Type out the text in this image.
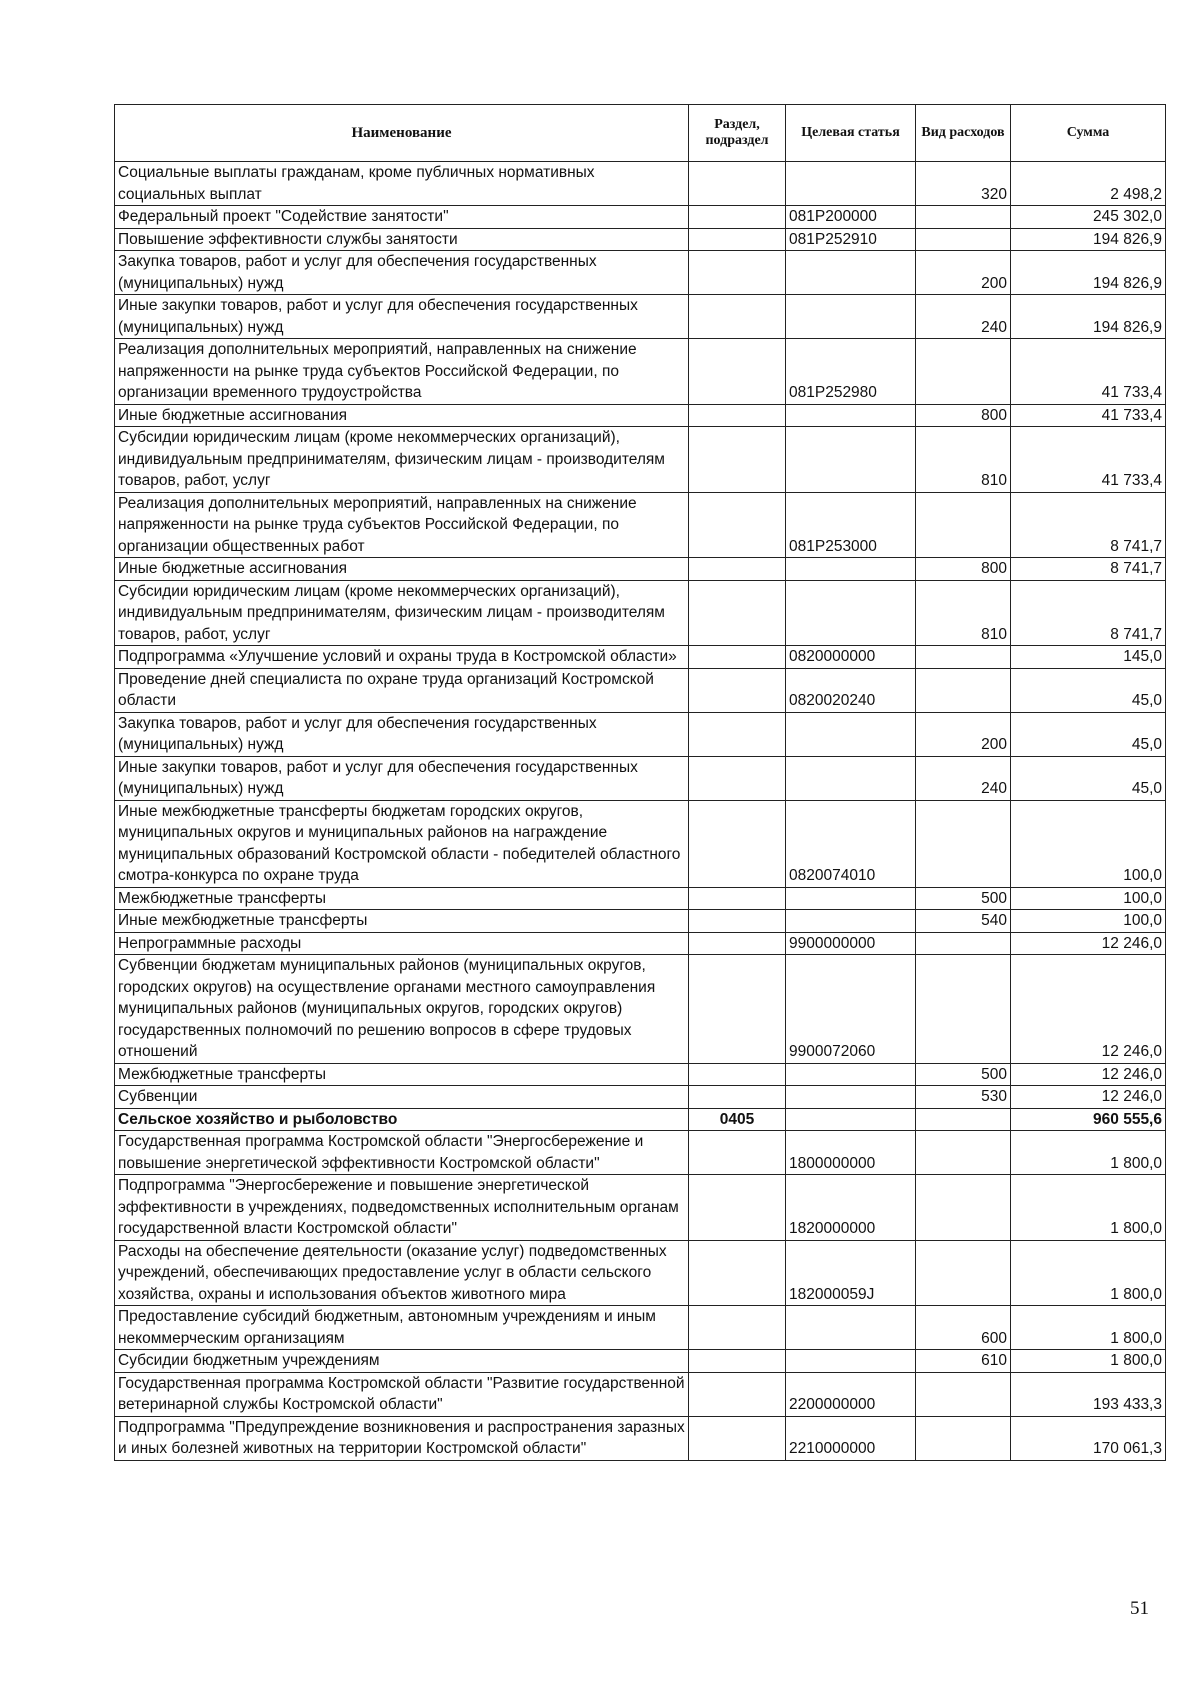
Наименование	Раздел, подраздел	Целевая статья	Вид расходов	Сумма
Социальные выплаты гражданам, кроме публичных нормативных социальных выплат			320	2 498,2
Федеральный проект "Содействие занятости"		081P200000		245 302,0
Повышение эффективности службы занятости		081P252910		194 826,9
Закупка товаров, работ и услуг для обеспечения государственных (муниципальных) нужд			200	194 826,9
Иные закупки товаров, работ и услуг для обеспечения государственных (муниципальных) нужд			240	194 826,9
Реализация дополнительных мероприятий, направленных на снижение напряженности на рынке труда субъектов Российской Федерации, по организации временного трудоустройства		081P252980		41 733,4
Иные бюджетные ассигнования			800	41 733,4
Субсидии юридическим лицам (кроме некоммерческих организаций), индивидуальным предпринимателям, физическим лицам - производителям товаров, работ, услуг			810	41 733,4
Реализация дополнительных мероприятий, направленных на снижение напряженности на рынке труда субъектов Российской Федерации, по организации общественных работ		081P253000		8 741,7
Иные бюджетные ассигнования			800	8 741,7
Субсидии юридическим лицам (кроме некоммерческих организаций), индивидуальным предпринимателям, физическим лицам - производителям товаров, работ, услуг			810	8 741,7
Подпрограмма «Улучшение условий и охраны труда в Костромской области»		0820000000		145,0
Проведение дней специалиста по охране труда организаций Костромской области		0820020240		45,0
Закупка товаров, работ и услуг для обеспечения государственных (муниципальных) нужд			200	45,0
Иные закупки товаров, работ и услуг для обеспечения государственных (муниципальных) нужд			240	45,0
Иные межбюджетные трансферты бюджетам городских округов, муниципальных округов и муниципальных районов на награждение муниципальных образований Костромской области - победителей областного смотра-конкурса по охране труда		0820074010		100,0
Межбюджетные трансферты			500	100,0
Иные межбюджетные трансферты			540	100,0
Непрограммные расходы		9900000000		12 246,0
Субвенции бюджетам муниципальных районов (муниципальных округов, городских округов) на осуществление органами местного самоуправления муниципальных районов (муниципальных округов, городских округов) государственных полномочий по решению вопросов в сфере трудовых отношений		9900072060		12 246,0
Межбюджетные трансферты			500	12 246,0
Субвенции			530	12 246,0
Сельское хозяйство и рыболовство	0405			960 555,6
Государственная программа Костромской области "Энергосбережение и повышение энергетической эффективности Костромской области"		1800000000		1 800,0
Подпрограмма "Энергосбережение и повышение энергетической эффективности в учреждениях, подведомственных исполнительным органам государственной власти Костромской области"		1820000000		1 800,0
Расходы на обеспечение деятельности (оказание услуг) подведомственных учреждений, обеспечивающих предоставление услуг в области сельского хозяйства, охраны и использования объектов животного мира		182000059J		1 800,0
Предоставление субсидий бюджетным, автономным учреждениям и иным некоммерческим организациям			600	1 800,0
Субсидии бюджетным учреждениям			610	1 800,0
Государственная программа Костромской области "Развитие государственной ветеринарной службы Костромской области"		2200000000		193 433,3
Подпрограмма "Предупреждение возникновения и распространения заразных и иных болезней животных на территории Костромской области"		2210000000		170 061,3
51
